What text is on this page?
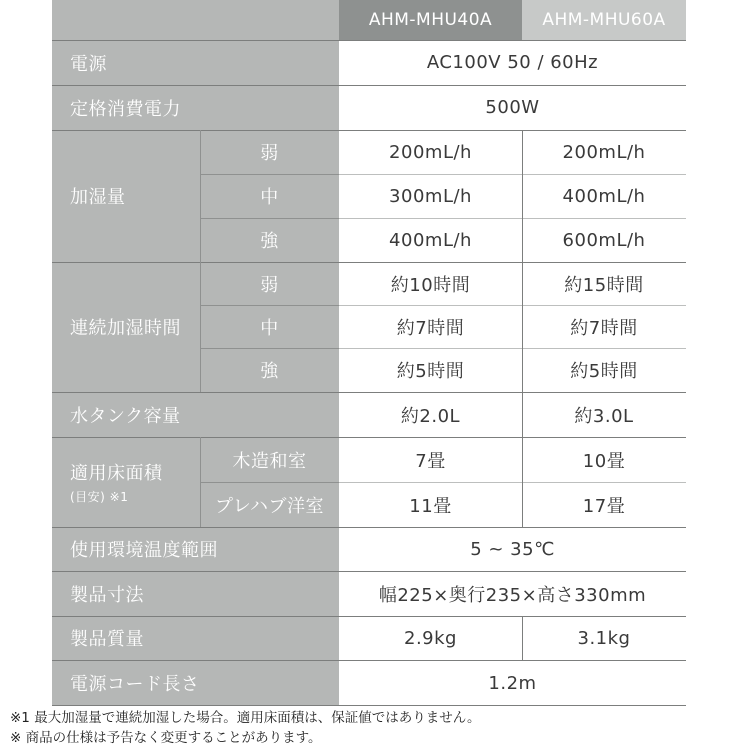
AHM-MHU40A	AHM-MHU60A
電源	AC100V 50 / 60Hz
定格消費電力	500W
加湿量
弱	200mL/h	200mL/h
中	300mL/h	400mL/h
強	400mL/h	600mL/h
連続加湿時間
弱	約10時間	約15時間
中	約7時間	約7時間
強	約5時間	約5時間
水タンク容量	約2.0L	約3.0L
適用床面積
(目安) ※1
木造和室	7畳	10畳
プレハブ洋室	11畳	17畳
使用環境温度範囲	5 ~ 35℃
製品寸法	幅225×奥行235×高さ330mm
製品質量	2.9kg	3.1kg
電源コード長さ	1.2m
※1 最大加湿量で連続加湿した場合。適用床面積は、保証値ではありません。
※ 商品の仕様は予告なく変更することがあります。
